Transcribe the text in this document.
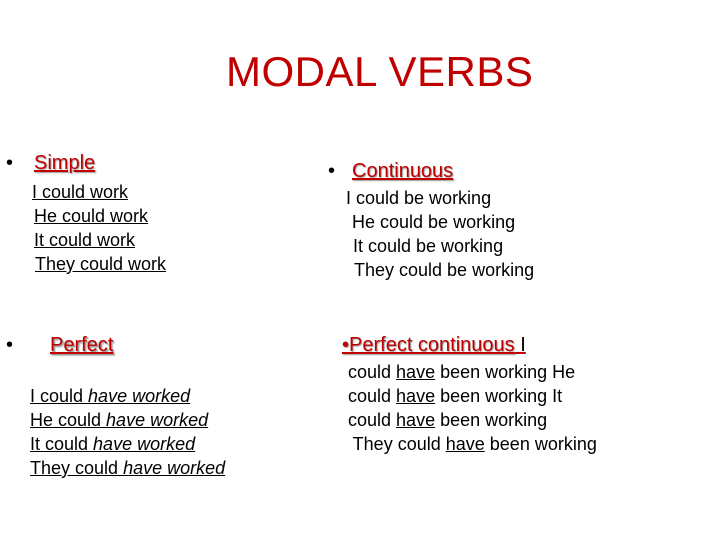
MODAL VERBS
• Simple
I could work
He could work
It could work
They could work
• Continuous
I could be working
He could be working
It could be working
They could be working
• Perfect
I could have worked
He could have worked
It could have worked
They could have worked
•Perfect continuous I
could have been working He
could have been working It
could have been working
They could have been working
